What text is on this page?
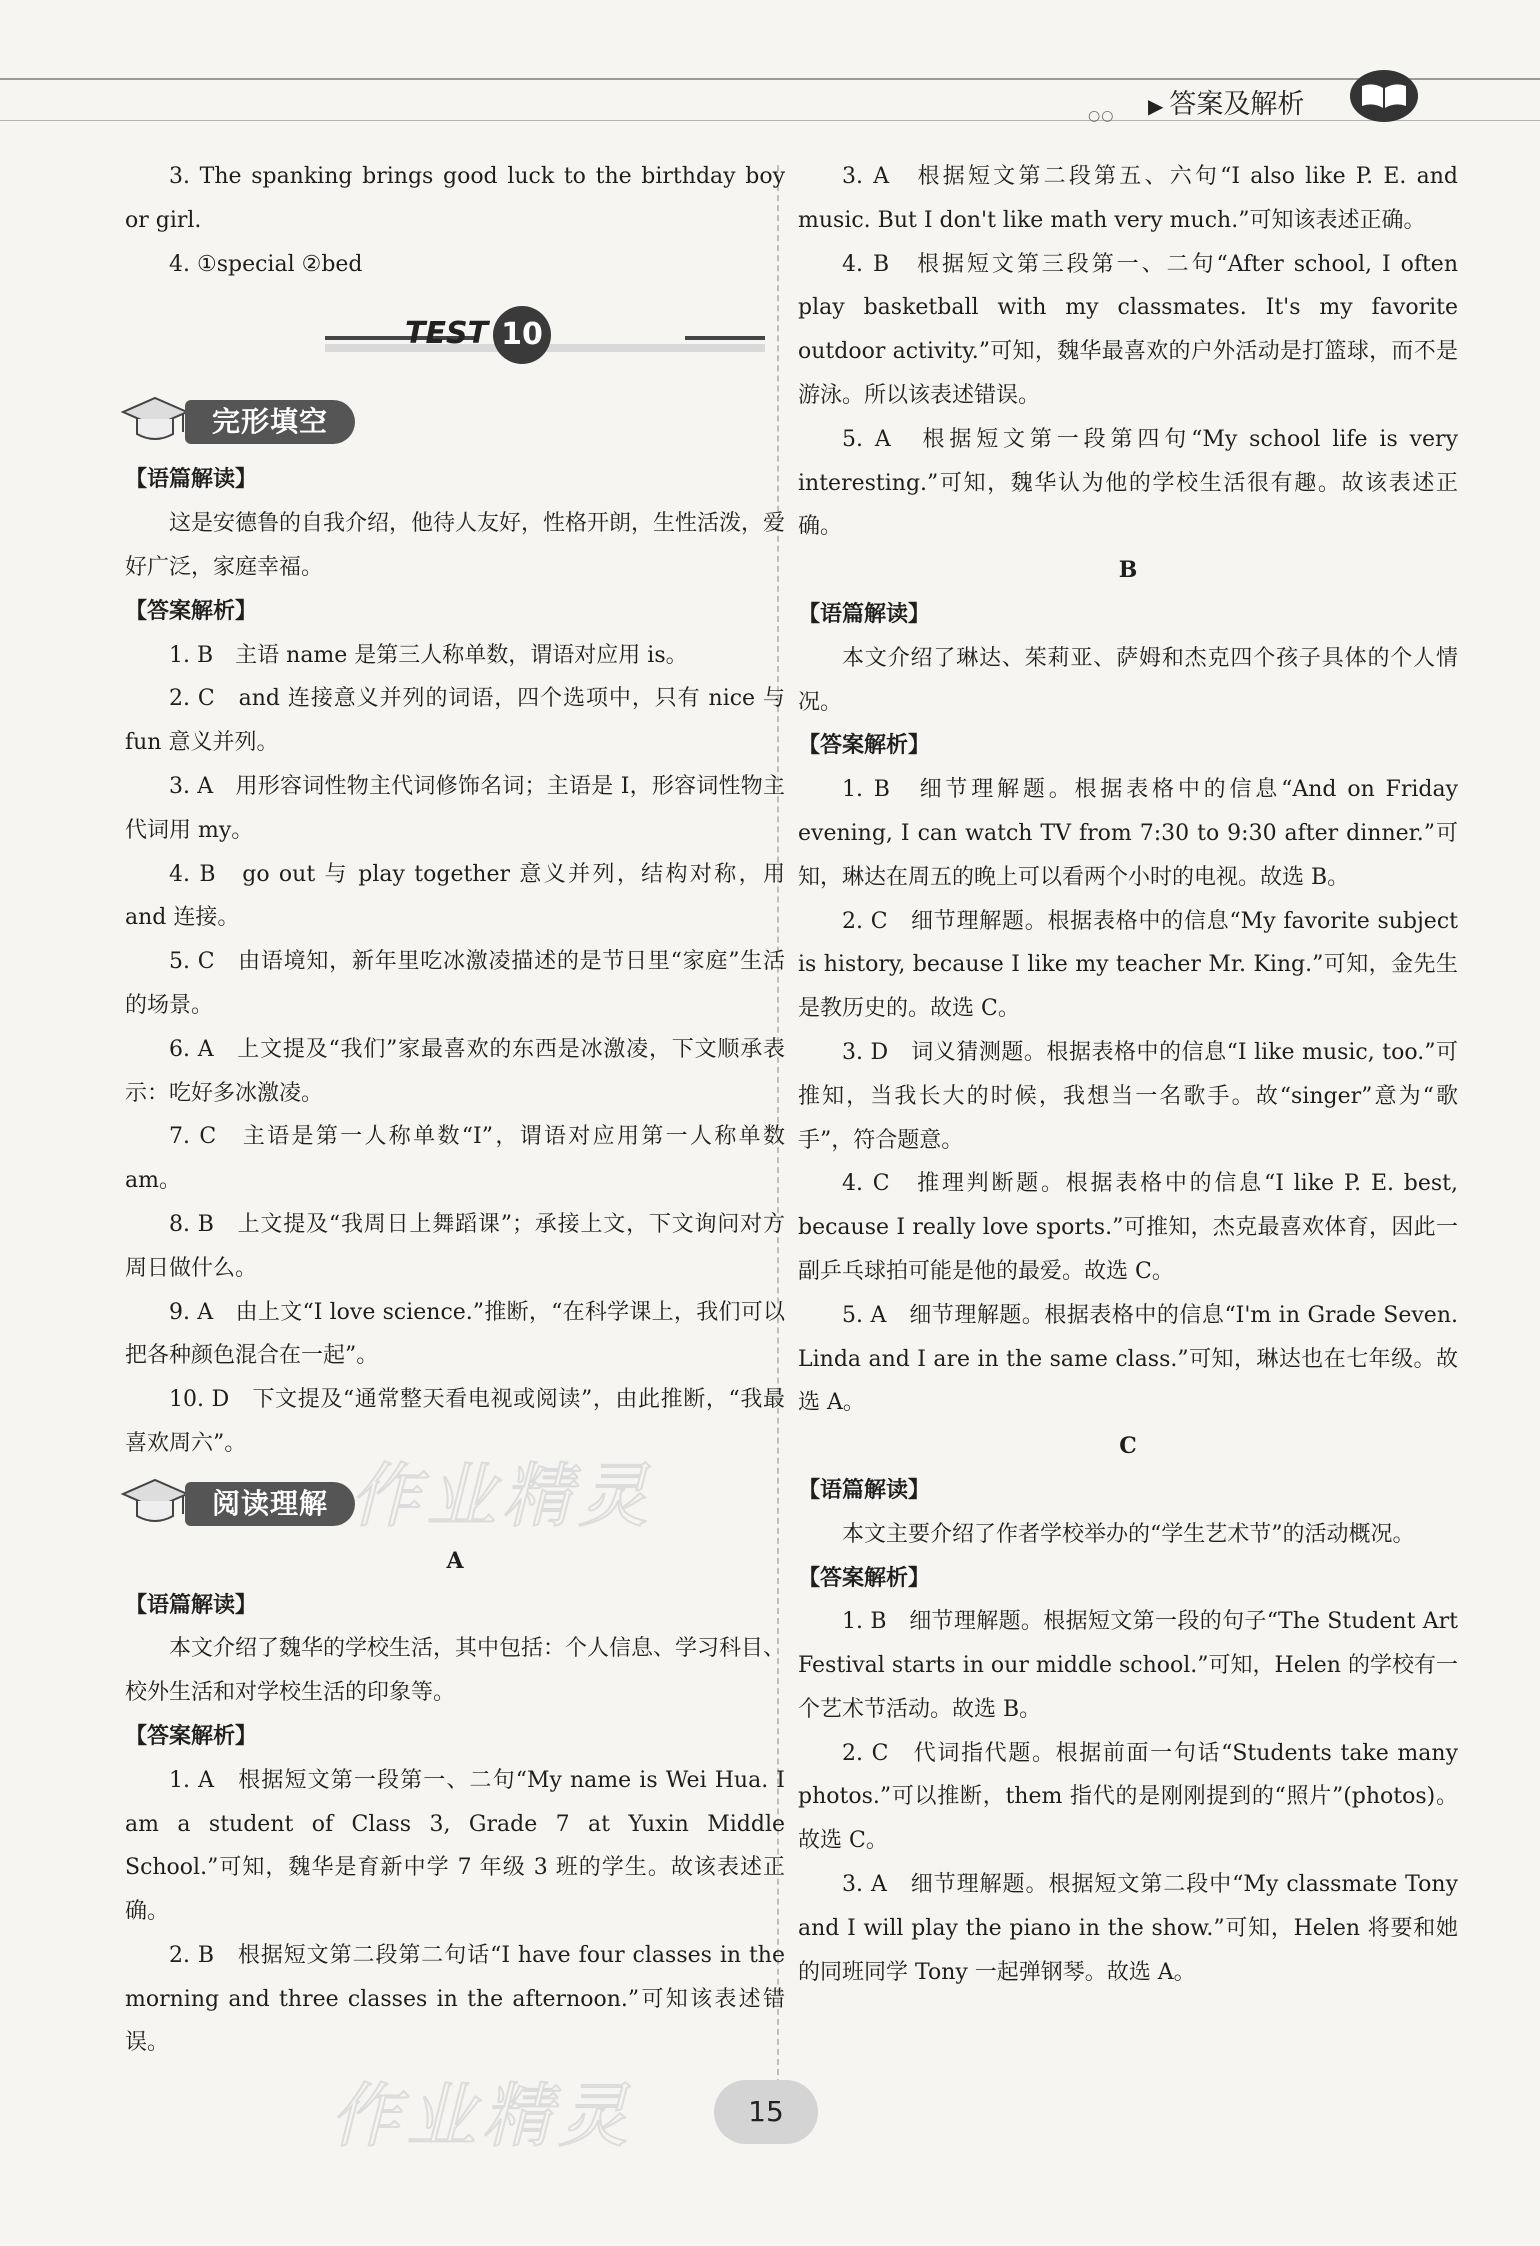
○○ ▶ 答案及解析

3. The spanking brings good luck to the birthday boy or girl.

4. ①special ②bed

TEST 10
完形填空

【语篇解读】

这是安德鲁的自我介绍，他待人友好，性格开朗，生性活泼，爱好广泛，家庭幸福。

【答案解析】

1. B　主语 name 是第三人称单数，谓语对应用 is。

2. C　and 连接意义并列的词语，四个选项中，只有 nice 与 fun 意义并列。

3. A　用形容词性物主代词修饰名词；主语是 I，形容词性物主代词用 my。

4. B　go out 与 play together 意义并列，结构对称，用 and 连接。

5. C　由语境知，新年里吃冰激凌描述的是节日里“家庭”生活的场景。

6. A　上文提及“我们”家最喜欢的东西是冰激凌，下文顺承表示：吃好多冰激凌。

7. C　主语是第一人称单数“I”，谓语对应用第一人称单数 am。

8. B　上文提及“我周日上舞蹈课”；承接上文，下文询问对方周日做什么。

9. A　由上文“I love science.”推断，“在科学课上，我们可以把各种颜色混合在一起”。

10. D　下文提及“通常整天看电视或阅读”，由此推断，“我最喜欢周六”。

阅读理解

A

【语篇解读】

本文介绍了魏华的学校生活，其中包括：个人信息、学习科目、校外生活和对学校生活的印象等。

【答案解析】

1. A　根据短文第一段第一、二句“My name is Wei Hua. I am a student of Class 3, Grade 7 at Yuxin Middle School.”可知，魏华是育新中学 7 年级 3 班的学生。故该表述正确。

2. B　根据短文第二段第二句话“I have four classes in the morning and three classes in the afternoon.”可知该表述错误。

3. A　根据短文第二段第五、六句“I also like P. E. and music. But I don't like math very much.”可知该表述正确。

4. B　根据短文第三段第一、二句“After school, I often play basketball with my classmates. It's my favorite outdoor activity.”可知，魏华最喜欢的户外活动是打篮球，而不是游泳。所以该表述错误。

5. A　根据短文第一段第四句“My school life is very interesting.”可知，魏华认为他的学校生活很有趣。故该表述正确。

B

【语篇解读】

本文介绍了琳达、茱莉亚、萨姆和杰克四个孩子具体的个人情况。

【答案解析】

1. B　细节理解题。根据表格中的信息“And on Friday evening, I can watch TV from 7:30 to 9:30 after dinner.”可知，琳达在周五的晚上可以看两个小时的电视。故选 B。

2. C　细节理解题。根据表格中的信息“My favorite subject is history, because I like my teacher Mr. King.”可知，金先生是教历史的。故选 C。

3. D　词义猜测题。根据表格中的信息“I like music, too.”可推知，当我长大的时候，我想当一名歌手。故“singer”意为“歌手”，符合题意。

4. C　推理判断题。根据表格中的信息“I like P. E. best, because I really love sports.”可推知，杰克最喜欢体育，因此一副乒乓球拍可能是他的最爱。故选 C。

5. A　细节理解题。根据表格中的信息“I'm in Grade Seven. Linda and I are in the same class.”可知，琳达也在七年级。故选 A。

C

【语篇解读】

本文主要介绍了作者学校举办的“学生艺术节”的活动概况。

【答案解析】

1. B　细节理解题。根据短文第一段的句子“The Student Art Festival starts in our middle school.”可知，Helen 的学校有一个艺术节活动。故选 B。

2. C　代词指代题。根据前面一句话“Students take many photos.”可以推断，them 指代的是刚刚提到的“照片”(photos)。故选 C。

3. A　细节理解题。根据短文第二段中“My classmate Tony and I will play the piano in the show.”可知，Helen 将要和她的同班同学 Tony 一起弹钢琴。故选 A。

作业精灵
作业精灵	15
